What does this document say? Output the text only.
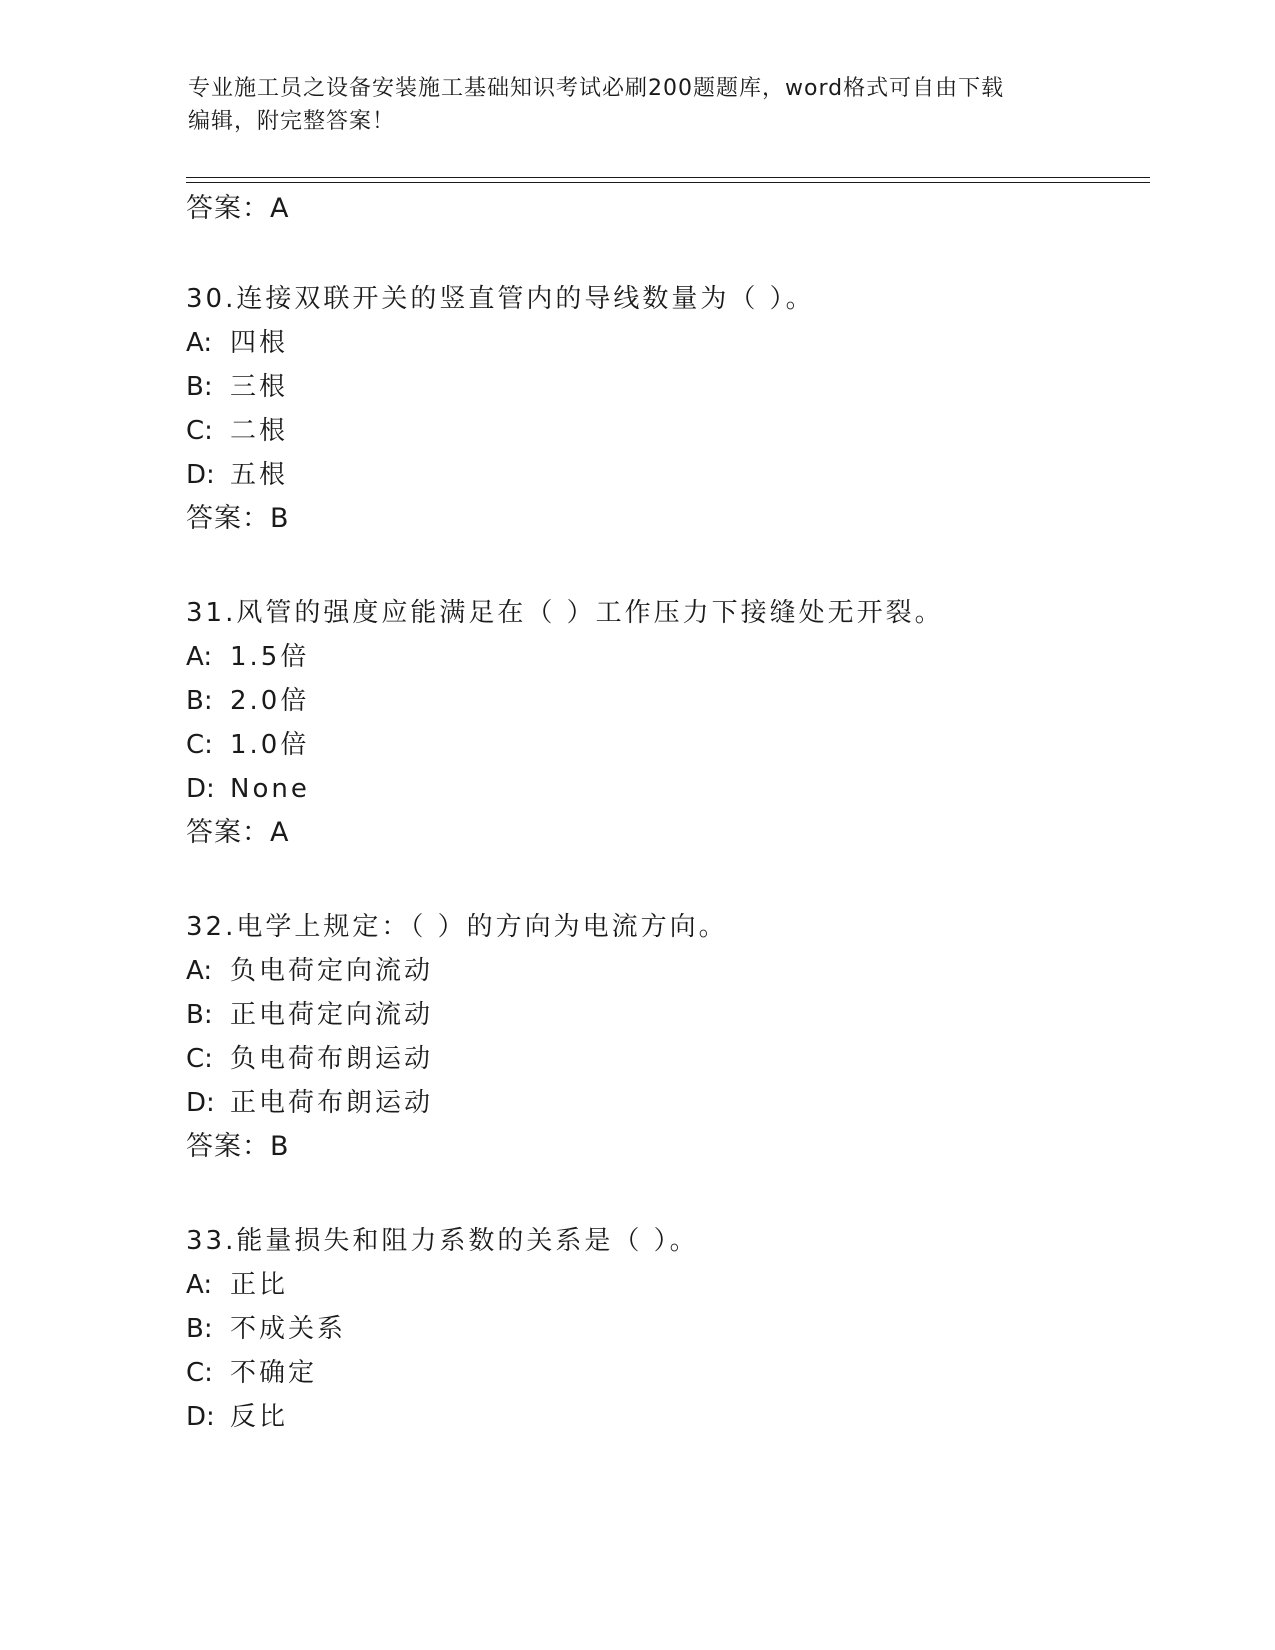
专业施工员之设备安装施工基础知识考试必刷200题题库，word格式可自由下载
编辑，附完整答案！
答案：A
30.连接双联开关的竖直管内的导线数量为（ ）。
A: 四根
B: 三根
C: 二根
D: 五根
答案：B
31.风管的强度应能满足在（ ）工作压力下接缝处无开裂。
A: 1.5倍
B: 2.0倍
C: 1.0倍
D: None
答案：A
32.电学上规定：（ ）的方向为电流方向。
A: 负电荷定向流动
B: 正电荷定向流动
C: 负电荷布朗运动
D: 正电荷布朗运动
答案：B
33.能量损失和阻力系数的关系是（ ）。
A: 正比
B: 不成关系
C: 不确定
D: 反比
